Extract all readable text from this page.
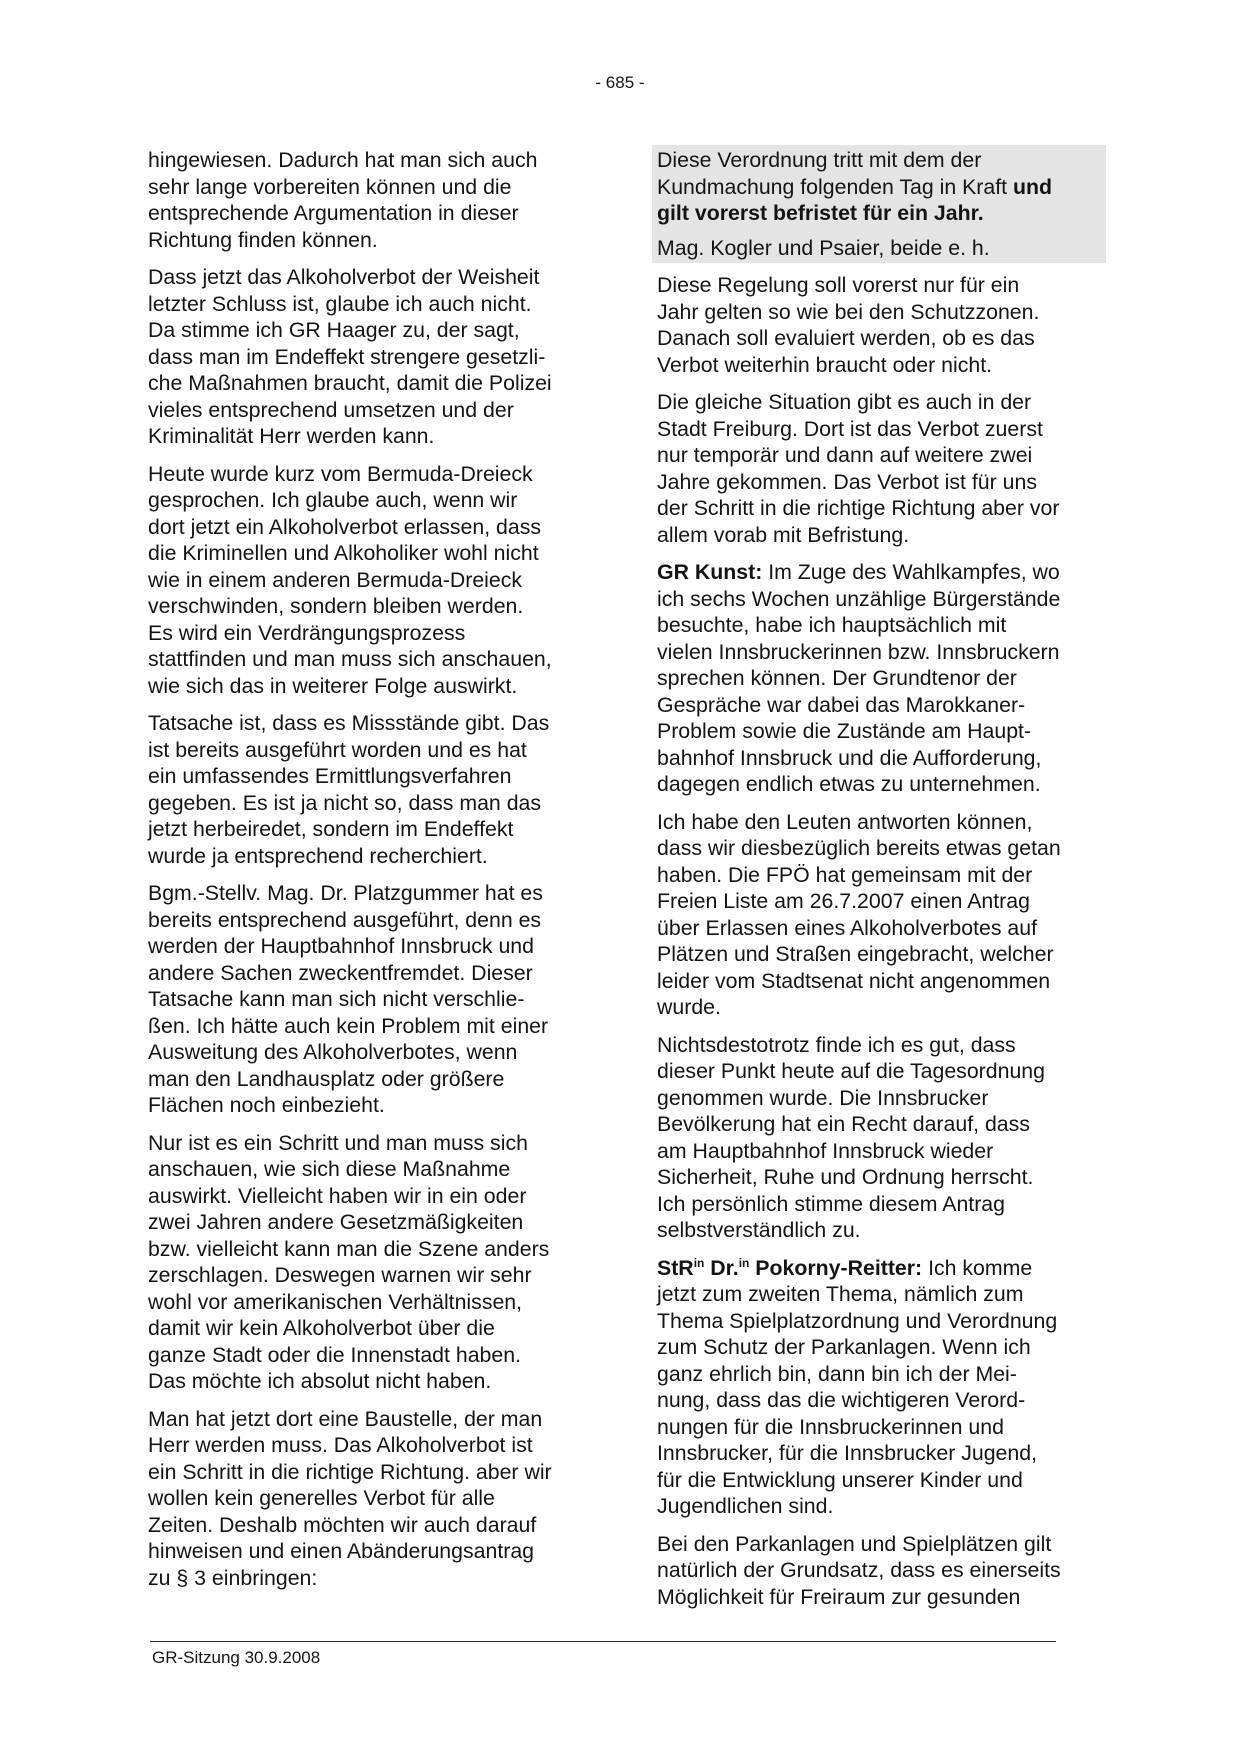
- 685 -

hingewiesen. Dadurch hat man sich auch
sehr lange vorbereiten können und die
entsprechende Argumentation in dieser
Richtung finden können.

Dass jetzt das Alkoholverbot der Weisheit
letzter Schluss ist, glaube ich auch nicht.
Da stimme ich GR Haager zu, der sagt,
dass man im Endeffekt strengere gesetzli-
che Maßnahmen braucht, damit die Polizei
vieles entsprechend umsetzen und der
Kriminalität Herr werden kann.

Heute wurde kurz vom Bermuda-Dreieck
gesprochen. Ich glaube auch, wenn wir
dort jetzt ein Alkoholverbot erlassen, dass
die Kriminellen und Alkoholiker wohl nicht
wie in einem anderen Bermuda-Dreieck
verschwinden, sondern bleiben werden.
Es wird ein Verdrängungsprozess
stattfinden und man muss sich anschauen,
wie sich das in weiterer Folge auswirkt.

Tatsache ist, dass es Missstände gibt. Das
ist bereits ausgeführt worden und es hat
ein umfassendes Ermittlungsverfahren
gegeben. Es ist ja nicht so, dass man das
jetzt herbeiredet, sondern im Endeffekt
wurde ja entsprechend recherchiert.

Bgm.-Stellv. Mag. Dr. Platzgummer hat es
bereits entsprechend ausgeführt, denn es
werden der Hauptbahnhof Innsbruck und
andere Sachen zweckentfremdet. Dieser
Tatsache kann man sich nicht verschlie-
ßen. Ich hätte auch kein Problem mit einer
Ausweitung des Alkoholverbotes, wenn
man den Landhausplatz oder größere
Flächen noch einbezieht.

Nur ist es ein Schritt und man muss sich
anschauen, wie sich diese Maßnahme
auswirkt. Vielleicht haben wir in ein oder
zwei Jahren andere Gesetzmäßigkeiten
bzw. vielleicht kann man die Szene anders
zerschlagen. Deswegen warnen wir sehr
wohl vor amerikanischen Verhältnissen,
damit wir kein Alkoholverbot über die
ganze Stadt oder die Innenstadt haben.
Das möchte ich absolut nicht haben.

Man hat jetzt dort eine Baustelle, der man
Herr werden muss. Das Alkoholverbot ist
ein Schritt in die richtige Richtung. aber wir
wollen kein generelles Verbot für alle
Zeiten. Deshalb möchten wir auch darauf
hinweisen und einen Abänderungsantrag
zu § 3 einbringen:

Diese Verordnung tritt mit dem der
Kundmachung folgenden Tag in Kraft und
gilt vorerst befristet für ein Jahr.

Mag. Kogler und Psaier, beide e. h.

Diese Regelung soll vorerst nur für ein
Jahr gelten so wie bei den Schutzzonen.
Danach soll evaluiert werden, ob es das
Verbot weiterhin braucht oder nicht.

Die gleiche Situation gibt es auch in der
Stadt Freiburg. Dort ist das Verbot zuerst
nur temporär und dann auf weitere zwei
Jahre gekommen. Das Verbot ist für uns
der Schritt in die richtige Richtung aber vor
allem vorab mit Befristung.

GR Kunst: Im Zuge des Wahlkampfes, wo
ich sechs Wochen unzählige Bürgerstände
besuchte, habe ich hauptsächlich mit
vielen Innsbruckerinnen bzw. Innsbruckern
sprechen können. Der Grundtenor der
Gespräche war dabei das Marokkaner-
Problem sowie die Zustände am Haupt-
bahnhof Innsbruck und die Aufforderung,
dagegen endlich etwas zu unternehmen.

Ich habe den Leuten antworten können,
dass wir diesbezüglich bereits etwas getan
haben. Die FPÖ hat gemeinsam mit der
Freien Liste am 26.7.2007 einen Antrag
über Erlassen eines Alkoholverbotes auf
Plätzen und Straßen eingebracht, welcher
leider vom Stadtsenat nicht angenommen
wurde.

Nichtsdestotrotz finde ich es gut, dass
dieser Punkt heute auf die Tagesordnung
genommen wurde. Die Innsbrucker
Bevölkerung hat ein Recht darauf, dass
am Hauptbahnhof Innsbruck wieder
Sicherheit, Ruhe und Ordnung herrscht.
Ich persönlich stimme diesem Antrag
selbstverständlich zu.

StR$^{in}$ Dr.$^{in}$ Pokorny-Reitter: Ich komme
jetzt zum zweiten Thema, nämlich zum
Thema Spielplatzordnung und Verordnung
zum Schutz der Parkanlagen. Wenn ich
ganz ehrlich bin, dann bin ich der Mei-
nung, dass das die wichtigeren Verord-
nungen für die Innsbruckerinnen und
Innsbrucker, für die Innsbrucker Jugend,
für die Entwicklung unserer Kinder und
Jugendlichen sind.

Bei den Parkanlagen und Spielplätzen gilt
natürlich der Grundsatz, dass es einerseits
Möglichkeit für Freiraum zur gesunden

GR-Sitzung 30.9.2008
